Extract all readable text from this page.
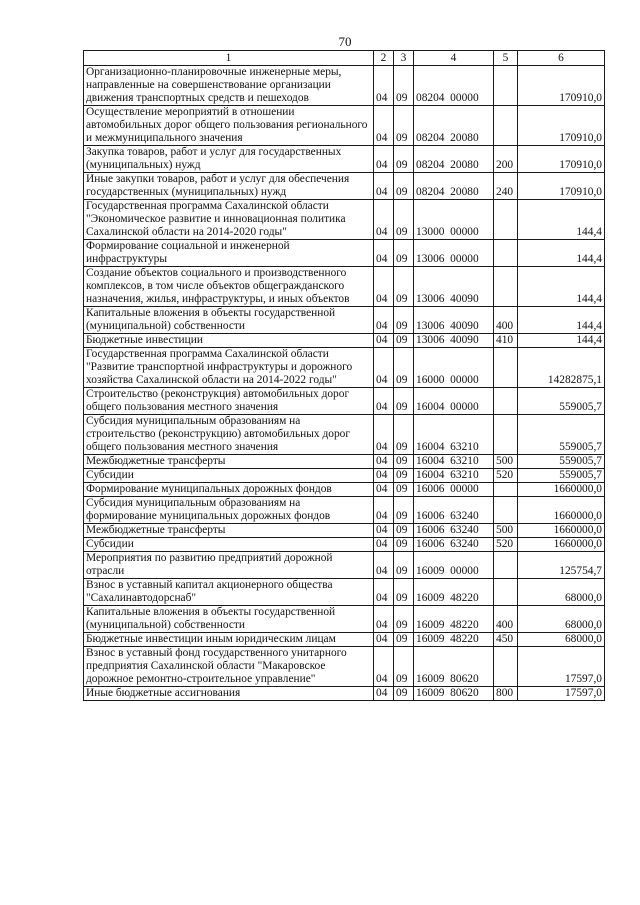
70
1	2	3	4	5	6
Организационно-планировочные инженерные меры, направленные на совершенствование организации движения транспортных средств и пешеходов	04	09	08204  00000		170910,0
Осуществление мероприятий в отношении автомобильных дорог общего пользования регионального и межмуниципального значения	04	09	08204  20080		170910,0
Закупка товаров, работ и услуг для государственных (муниципальных) нужд	04	09	08204  20080	200	170910,0
Иные закупки товаров, работ и услуг для обеспечения государственных (муниципальных) нужд	04	09	08204  20080	240	170910,0
Государственная программа Сахалинской области "Экономическое развитие и инновационная политика Сахалинской области на 2014-2020 годы"	04	09	13000  00000		144,4
Формирование социальной и инженерной инфраструктуры	04	09	13006  00000		144,4
Создание объектов социального и производственного комплексов, в том числе объектов общегражданского назначения, жилья, инфраструктуры, и иных объектов	04	09	13006  40090		144,4
Капитальные вложения в объекты государственной (муниципальной) собственности	04	09	13006  40090	400	144,4
Бюджетные инвестиции	04	09	13006  40090	410	144,4
Государственная программа Сахалинской области "Развитие транспортной инфраструктуры и дорожного хозяйства Сахалинской области на 2014-2022 годы"	04	09	16000  00000		14282875,1
Строительство (реконструкция) автомобильных дорог общего пользования местного значения	04	09	16004  00000		559005,7
Субсидия муниципальным образованиям на строительство (реконструкцию) автомобильных дорог общего пользования местного значения	04	09	16004  63210		559005,7
Межбюджетные трансферты	04	09	16004  63210	500	559005,7
Субсидии	04	09	16004  63210	520	559005,7
Формирование муниципальных дорожных фондов	04	09	16006  00000		1660000,0
Субсидия муниципальным образованиям на формирование муниципальных дорожных фондов	04	09	16006  63240		1660000,0
Межбюджетные трансферты	04	09	16006  63240	500	1660000,0
Субсидии	04	09	16006  63240	520	1660000,0
Мероприятия по развитию предприятий дорожной отрасли	04	09	16009  00000		125754,7
Взнос в уставный капитал акционерного общества "Сахалинавтодорснаб"	04	09	16009  48220		68000,0
Капитальные вложения в объекты государственной (муниципальной) собственности	04	09	16009  48220	400	68000,0
Бюджетные инвестиции иным юридическим лицам	04	09	16009  48220	450	68000,0
Взнос в уставный фонд государственного унитарного предприятия Сахалинской области "Макаровское дорожное ремонтно-строительное управление"	04	09	16009  80620		17597,0
Иные бюджетные ассигнования	04	09	16009  80620	800	17597,0
